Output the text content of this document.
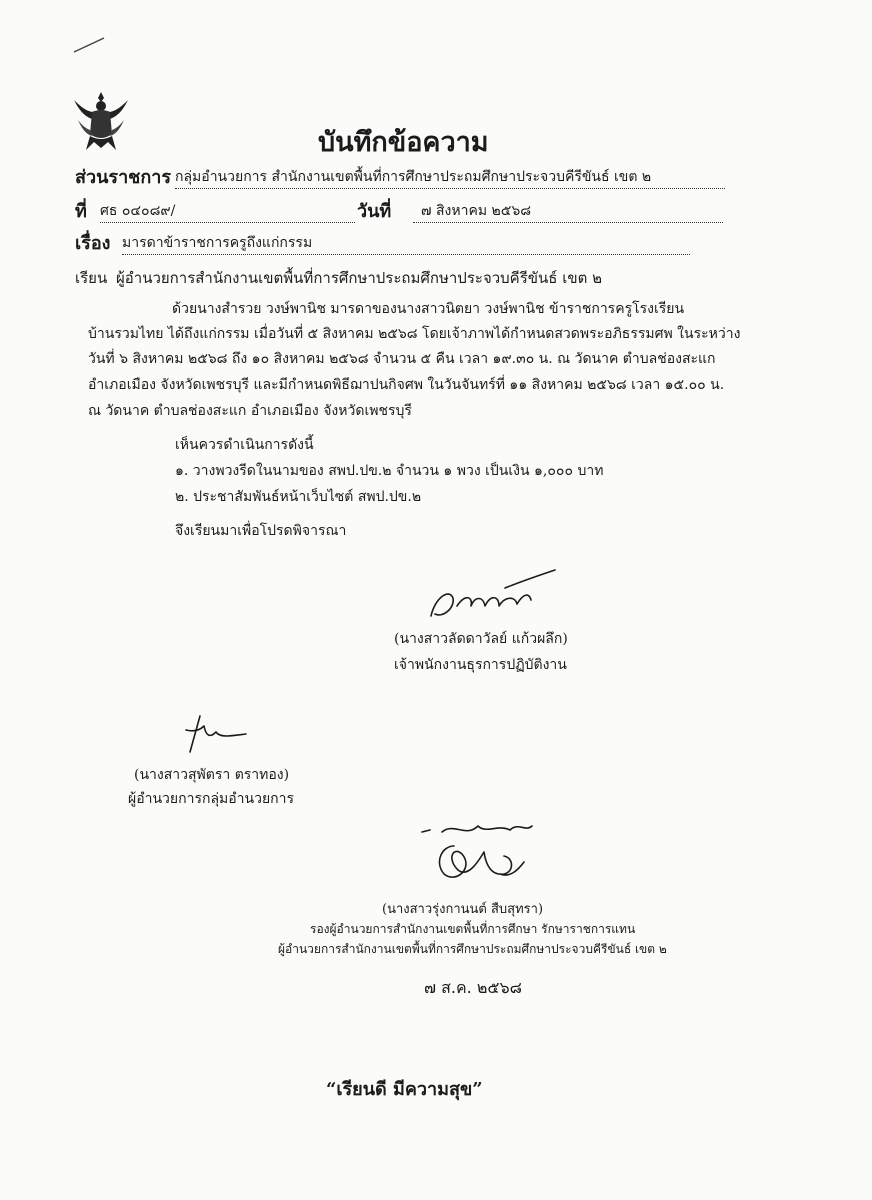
บันทึกข้อความ
ส่วนราชการ กลุ่มอำนวยการ สำนักงานเขตพื้นที่การศึกษาประถมศึกษาประจวบคีรีขันธ์ เขต ๒
ที่ ศธ ๐๔๐๘๙/	วันที่	๗ สิงหาคม ๒๕๖๘
เรื่อง มารดาข้าราชการครูถึงแก่กรรม
เรียน ผู้อำนวยการสำนักงานเขตพื้นที่การศึกษาประถมศึกษาประจวบคีรีขันธ์ เขต ๒
ด้วยนางสำรวย วงษ์พานิช มารดาของนางสาวนิตยา วงษ์พานิช ข้าราชการครูโรงเรียน
บ้านรวมไทย ได้ถึงแก่กรรม เมื่อวันที่ ๕ สิงหาคม ๒๕๖๘ โดยเจ้าภาพได้กำหนดสวดพระอภิธรรมศพ ในระหว่าง
วันที่ ๖ สิงหาคม ๒๕๖๘ ถึง ๑๐ สิงหาคม ๒๕๖๘ จำนวน ๕ คืน เวลา ๑๙.๓๐ น. ณ วัดนาค ตำบลช่องสะแก
อำเภอเมือง จังหวัดเพชรบุรี และมีกำหนดพิธีฌาปนกิจศพ ในวันจันทร์ที่ ๑๑ สิงหาคม ๒๕๖๘ เวลา ๑๕.๐๐ น.
ณ วัดนาค ตำบลช่องสะแก อำเภอเมือง จังหวัดเพชรบุรี
เห็นควรดำเนินการดังนี้
๑. วางพวงรีดในนามของ สพป.ปข.๒ จำนวน ๑ พวง เป็นเงิน ๑,๐๐๐ บาท
๒. ประชาสัมพันธ์หน้าเว็บไซต์ สพป.ปข.๒
จึงเรียนมาเพื่อโปรดพิจารณา
(นางสาวลัดดาวัลย์ แก้วผลึก)
เจ้าพนักงานธุรการปฏิบัติงาน
(นางสาวสุพัตรา ตราทอง)
ผู้อำนวยการกลุ่มอำนวยการ
(นางสาวรุ่งกานนต์ สืบสุทรา)
รองผู้อำนวยการสำนักงานเขตพื้นที่การศึกษา รักษาราชการแทน
ผู้อำนวยการสำนักงานเขตพื้นที่การศึกษาประถมศึกษาประจวบคีรีขันธ์ เขต ๒
๗ ส.ค. ๒๕๖๘
“เรียนดี มีความสุข”
